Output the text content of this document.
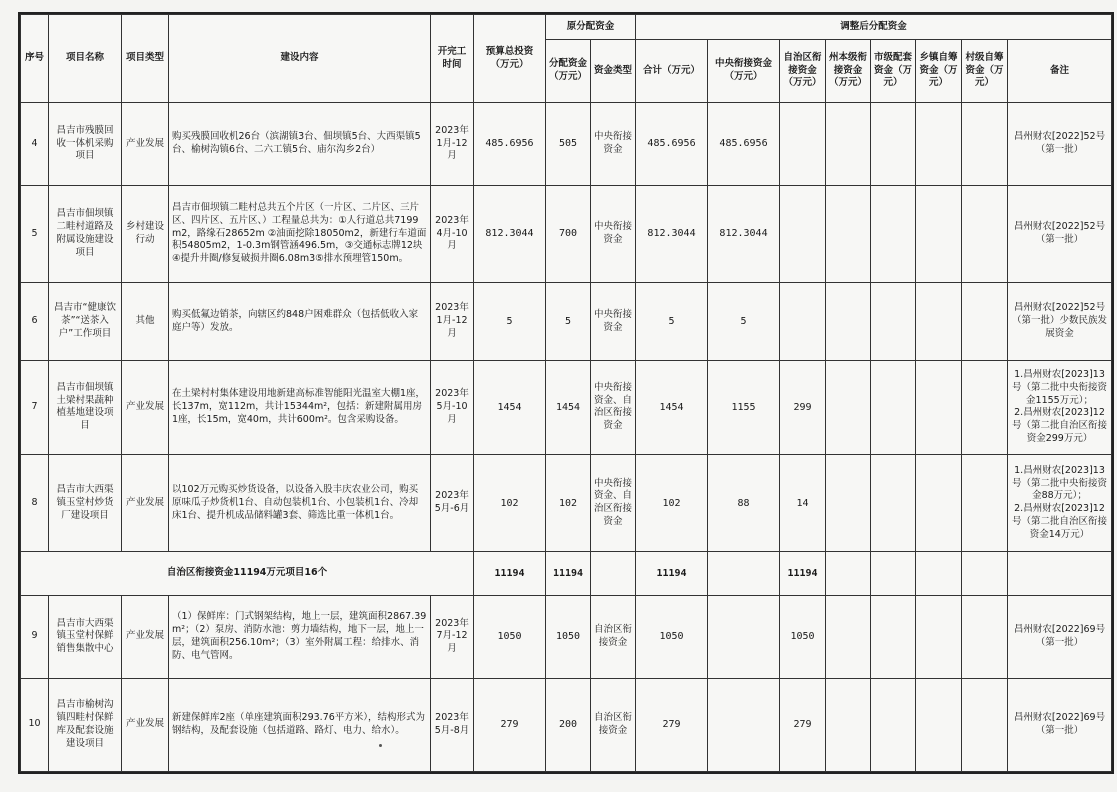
序号	项目名称	项目类型	建设内容	开完工时间	预算总投资（万元）	原分配资金		调整后分配资金							
						分配资金（万元）	资金类型	合计（万元）	中央衔接资金（万元）	自治区衔接资金（万元）	州本级衔接资金（万元）	市级配套资金（万元）	乡镇自筹资金（万元）	村级自筹资金（万元）	备注
4	昌吉市残膜回收一体机采购项目	产业发展	购买残膜回收机26台（滨湖镇3台、佃坝镇5台、大西渠镇5台、榆树沟镇6台、二六工镇5台、庙尔沟乡2台）	2023年1月-12月	485.6956	505	中央衔接资金	485.6956	485.6956						昌州财农[2022]52号（第一批）

5	昌吉市佃坝镇二畦村道路及附属设施建设项目	乡村建设行动	昌吉市佃坝镇二畦村总共五个片区（一片区、二片区、三片区、四片区、五片区、）工程量总共为：①人行道总共7199m2，路缘石28652m ②油面挖除18050m2，新建行车道面积54805m2，1-0.3m钢管涵496.5m，③交通标志牌12块 ④提升井圈/修复破损井圈6.08m3⑤排水预埋管150m。	2023年4月-10月	812.3044	700	中央衔接资金	812.3044	812.3044						昌州财农[2022]52号（第一批）

6	昌吉市“健康饮茶”“送茶入户”工作项目	其他	购买低氟边销茶，向辖区约848户困难群众（包括低收入家庭户等）发放。	2023年1月-12月	5	5	中央衔接资金	5	5						昌州财农[2022]52号（第一批）少数民族发展资金

7	昌吉市佃坝镇土梁村果蔬种植基地建设项目	产业发展	在土梁村村集体建设用地新建高标准智能阳光温室大棚1座，长137m，宽112m，共计15344m²，包括：新建附属用房1座，长15m，宽40m，共计600m²。包含采购设备。	2023年5月-10月	1454	1454	中央衔接资金、自治区衔接资金	1454	1155	299					1.昌州财农[2023]13号（第二批中央衔接资金1155万元）；
2.昌州财农[2023]12号（第二批自治区衔接资金299万元）

8	昌吉市大西渠镇玉堂村炒货厂建设项目	产业发展	以102万元购买炒货设备，以设备入股丰庆农业公司，购买原味瓜子炒货机1台、自动包装机1台、小包装机1台、冷却床1台、提升机成品储料罐3套、筛选比重一体机1台。	2023年5月-6月	102	102	中央衔接资金、自治区衔接资金	102	88	14					1.昌州财农[2023]13号（第二批中央衔接资金88万元）；
2.昌州财农[2023]12号（第二批自治区衔接资金14万元）

自治区衔接资金11194万元项目16个					11194	11194		11194		11194					
9	昌吉市大西渠镇玉堂村保鲜销售集散中心	产业发展	（1）保鲜库：门式钢架结构，地上一层，建筑面积2867.39m²；（2）泵房、消防水池：剪力墙结构，地下一层，地上一层，建筑面积256.10m²；（3）室外附属工程：给排水、消防、电气管网。	2023年7月-12月	1050	1050	自治区衔接资金	1050		1050					昌州财农[2022]69号（第一批）

10	昌吉市榆树沟镇四畦村保鲜库及配套设施建设项目	产业发展	新建保鲜库2座（单座建筑面积293.76平方米），结构形式为钢结构，及配套设施（包括道路、路灯、电力、给水）。	2023年5月-8月	279	200	自治区衔接资金	279		279					昌州财农[2022]69号（第一批）
